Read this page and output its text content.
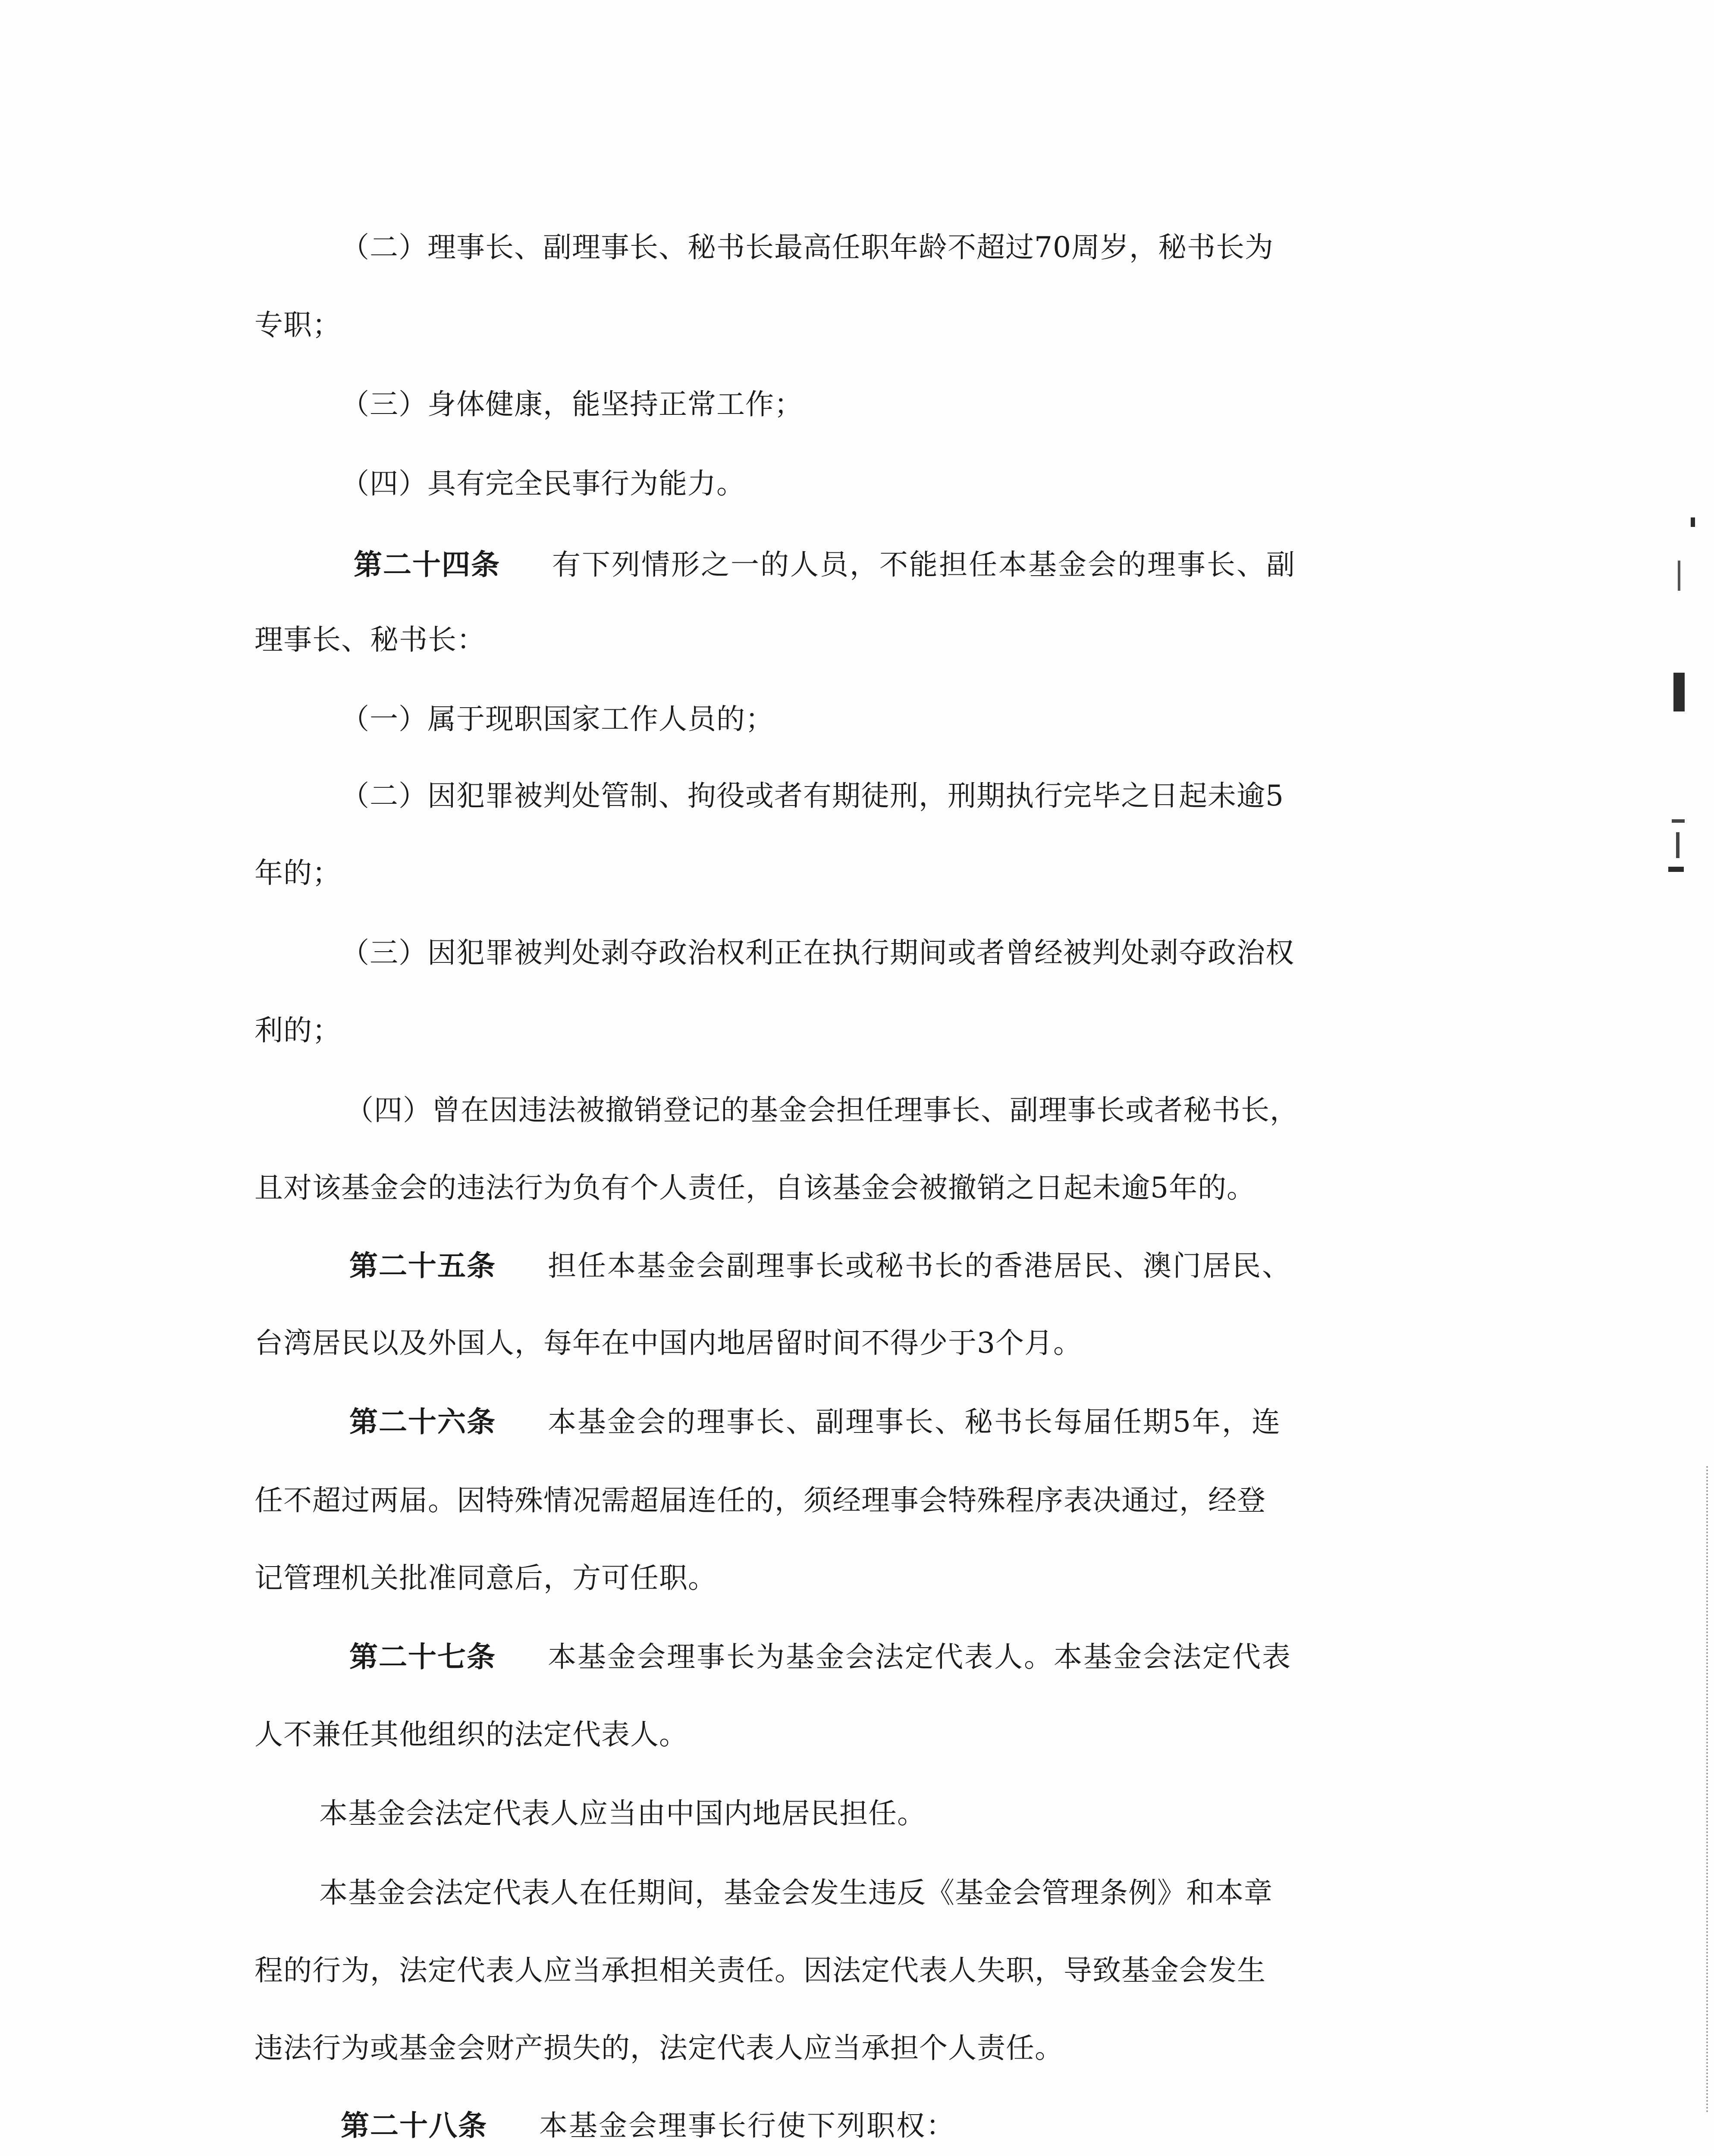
（二）理事长、副理事长、秘书长最高任职年龄不超过70周岁，秘书长为
专职；
（三）身体健康，能坚持正常工作；
（四）具有完全民事行为能力。
第二十四条 有下列情形之一的人员，不能担任本基金会的理事长、副
理事长、秘书长：
（一）属于现职国家工作人员的；
（二）因犯罪被判处管制、拘役或者有期徒刑，刑期执行完毕之日起未逾5
年的；
（三）因犯罪被判处剥夺政治权利正在执行期间或者曾经被判处剥夺政治权
利的；
（四）曾在因违法被撤销登记的基金会担任理事长、副理事长或者秘书长，
且对该基金会的违法行为负有个人责任，自该基金会被撤销之日起未逾5年的。
第二十五条 担任本基金会副理事长或秘书长的香港居民、澳门居民、
台湾居民以及外国人，每年在中国内地居留时间不得少于3个月。
第二十六条 本基金会的理事长、副理事长、秘书长每届任期5年，连
任不超过两届。因特殊情况需超届连任的，须经理事会特殊程序表决通过，经登
记管理机关批准同意后，方可任职。
第二十七条 本基金会理事长为基金会法定代表人。本基金会法定代表
人不兼任其他组织的法定代表人。
本基金会法定代表人应当由中国内地居民担任。
本基金会法定代表人在任期间，基金会发生违反《基金会管理条例》和本章
程的行为，法定代表人应当承担相关责任。因法定代表人失职，导致基金会发生
违法行为或基金会财产损失的，法定代表人应当承担个人责任。
第二十八条 本基金会理事长行使下列职权：
